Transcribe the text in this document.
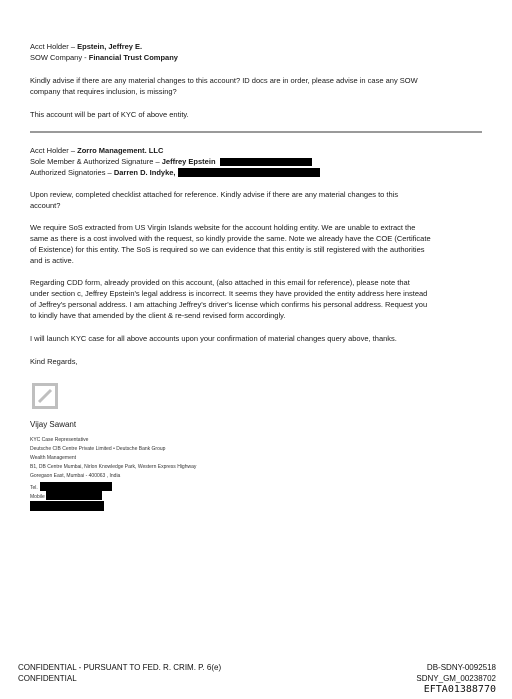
Acct Holder – Epstein, Jeffrey E.
SOW Company - Financial Trust Company
Kindly advise if there are any material changes to this account? ID docs are in order, please advise in case any SOW
company that requires inclusion, is missing?
This account will be part of KYC of above entity.
Acct Holder – Zorro Management. LLC
Sole Member & Authorized Signature – Jeffrey Epstein
Authorized Signatories – Darren D. Indyke,
Upon review, completed checklist attached for reference. Kindly advise if there are any material changes to this
account?
We require SoS extracted from US Virgin Islands website for the account holding entity. We are unable to extract the
same as there is a cost involved with the request, so kindly provide the same. Note we already have the COE (Certificate
of Existence) for this entity. The SoS is required so we can evidence that this entity is still registered with the authorities
and is active.
Regarding CDD form, already provided on this account, (also attached in this email for reference), please note that
under section c, Jeffrey Epstein's legal address is incorrect. It seems they have provided the entity address here instead
of Jeffrey's personal address. I am attaching Jeffrey's driver's license which confirms his personal address. Request you
to kindly have that amended by the client & re-send revised form accordingly.
I will launch KYC case for all above accounts upon your confirmation of material changes query above, thanks.
Kind Regards,
Vijay Sawant
KYC Case Representative
Deutsche CIB Centre Private Limited • Deutsche Bank Group
Wealth Management
B1, DB Centre Mumbai, Nirlon Knowledge Park, Western Express Highway
Goregaon East, Mumbai - 400063 , India
Tel.
Mobile
CONFIDENTIAL - PURSUANT TO FED. R. CRIM. P. 6(e)
CONFIDENTIAL
DB-SDNY-0092518
SDNY_GM_00238702
EFTA01388770
